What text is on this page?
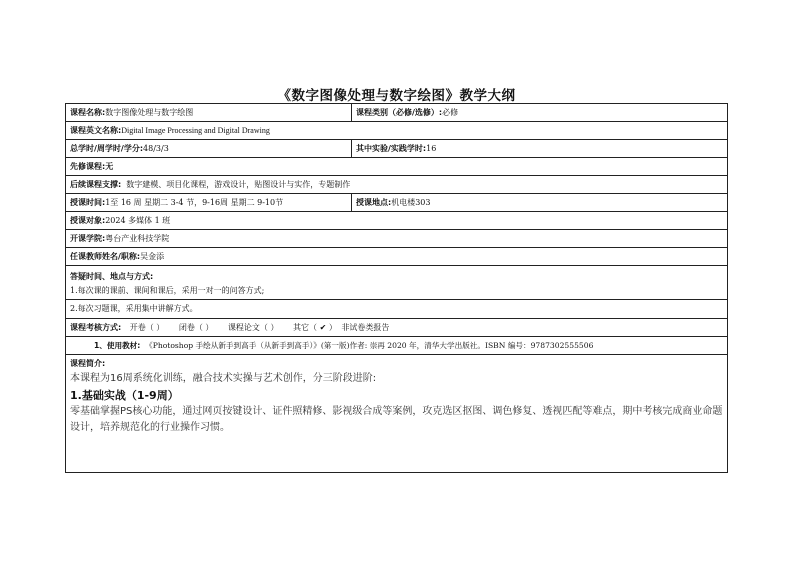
《数字图像处理与数字绘图》教学大纲
课程名称:数字图像处理与数字绘图	课程类别（必修/选修）:必修
课程英文名称:Digital Image Processing and Digital Drawing	
总学时/周学时/学分:48/3/3	其中实验/实践学时:16
先修课程:无	
后续课程支撑: 数字建模、项目化课程，游戏设计，贴图设计与实作，专题制作	
授课时间:1至 16 周 星期二 3-4 节，9-16周 星期二 9-10节	授课地点:机电楼303
授课对象:2024 多媒体 1 班	
开课学院:粤台产业科技学院	
任课教师姓名/职称:吴金添	

答疑时间、地点与方式:
1.每次课的课前、课间和课后，采用一对一的问答方式;
2.每次习题课，采用集中讲解方式。	

课程考核方式: 开卷（ ） 闭卷（ ） 课程论文（ ） 其它（ ✔ ） 非试卷类报告	
1、使用教材: 《Photoshop 手绘从新手到高手（从新手到高手）》(第一版)作者: 崇再 2020 年，清华大学出版社。ISBN 编号：9787302555506	

课程简介:
本课程为16周系统化训练，融合技术实操与艺术创作，分三阶段进阶:
1.基础实战（1-9周）
零基础掌握PS核心功能，通过网页按键设计、证件照精修、影视级合成等案例，攻克选区抠图、调色修复、透视匹配等难点，期中考核完成商业命题设计，培养规范化的行业操作习惯。	
